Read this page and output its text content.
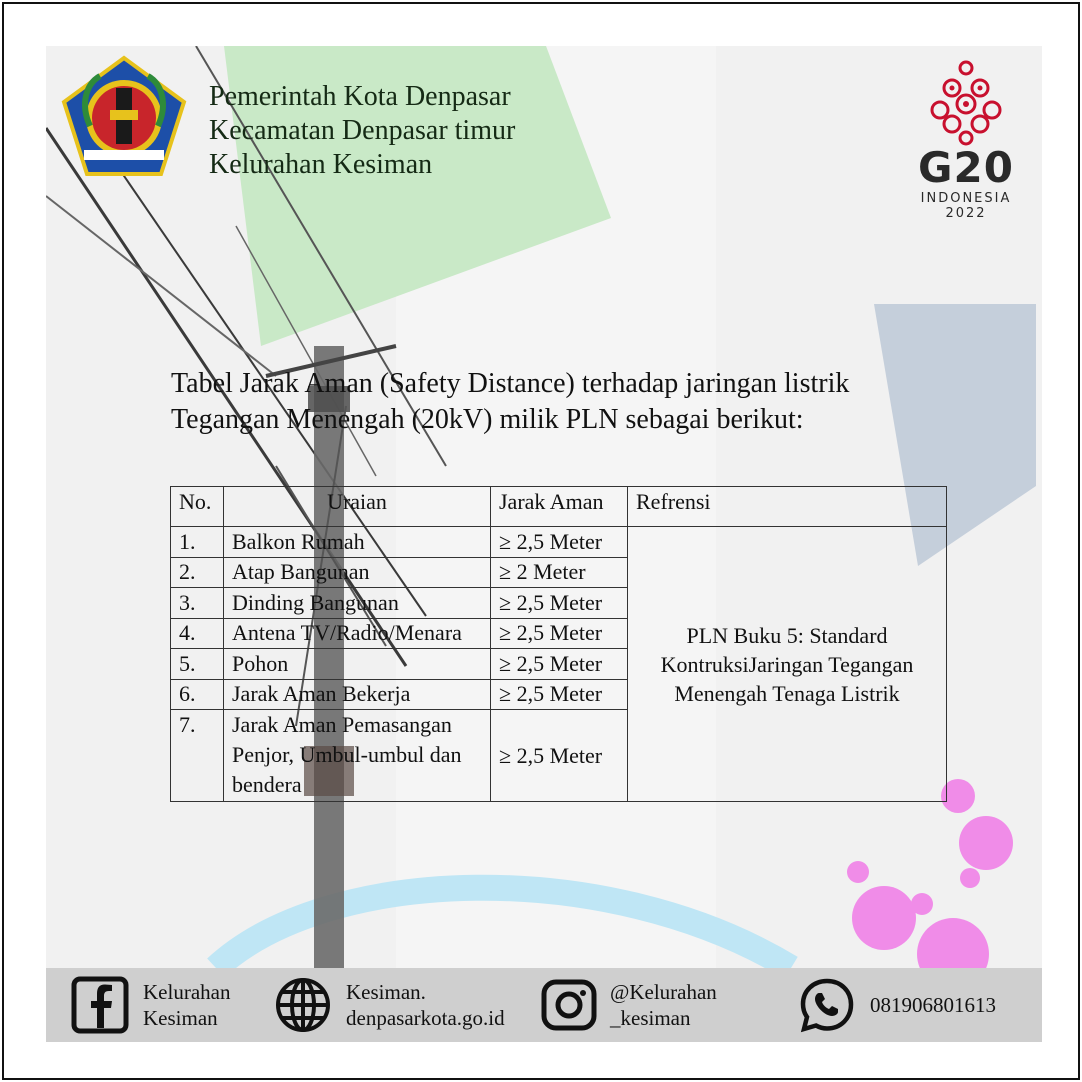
Pemerintah Kota Denpasar
Kecamatan Denpasar timur
Kelurahan Kesiman	G20
INDONESIA
2022
Tabel Jarak Aman (Safety Distance) terhadap jaringan listrik
Tegangan Menengah (20kV) milik PLN sebagai berikut:
No.	Uraian	Jarak Aman	Refrensi
1.	Balkon Rumah	≥ 2,5 Meter	PLN Buku 5: Standard
KontruksiJaringan Tegangan
Menengah Tenaga Listrik

2.	Atap Bangunan	≥ 2 Meter	
3.	Dinding Bangunan	≥ 2,5 Meter	
4.	Antena TV/Radio/Menara	≥ 2,5 Meter	
5.	Pohon	≥ 2,5 Meter	
6.	Jarak Aman Bekerja	≥ 2,5 Meter	
7.	Jarak Aman Pemasangan
Penjor, Umbul-umbul dan
bendera	≥ 2,5 Meter	
Kelurahan
Kesiman
Kesiman.
denpasarkota.go.id
@Kelurahan
_kesiman
081906801613
